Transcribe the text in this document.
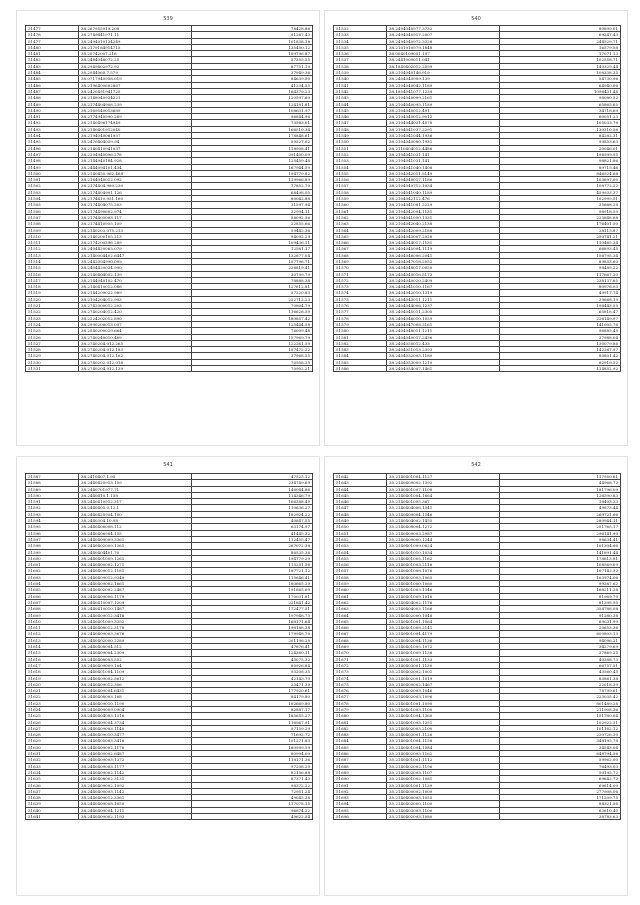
539
51477	38.267955919.208	78428.86
51478	38.2749441971.11	91267.43
51477	38.2494010134249	101838.18
51480	38.2179184914715	135450.12
51481	38.20742007.216	109796.87
51482	38.2484046072.25	57355.55
51483	38.2949402972.92	87751.19
51484	38.2044060.7.579	37949.36
51485	38.0717940958.019	84639.50
51486	38.2196400602867	41234.55
51487	38.2420491941725	164379.23
51488	38.2148040924221	120597.69
51489	38.2174404908.239	124181.81
51490	38.2169540013689	108631.97
51491	38.2774940990.269	96844.96
51492	38.2140496174949	73563.01
51493	38.2140401912040	166510.34
51494	38.2194040061957	178848.61
51495	38.2470404059.94	59527.62
51496	38.2140410941037	118908.41
51497	38.2204940096.278	291400.09
51498	38.2144940184.928	125459.48
51499	38.2444094101.434	167944.59
51500	38.2140450.962.468	194779.82
51501	38.2164040012.092	119966.89
51502	38.2174404.980.230	77852.70
51503	38.2174404901.126	68498.05
51504	38.2174410.951.160	80042.88
51505	38.2174404075.203	31597.94
51506	38.2174490602.974	32994.11
51507	38.2174405003.117	58092.56
51508	38.2174410955.109	22855.66
51509	38.2140203.075.213	59442.36
51510	38.2140200105.213	94092.29
51511	38.2174200396.289	109436.11
51512	38.2404420065.079	12581.17
51513	38.2140004402.6447	132877.04
51514	38.2442094990.099	157796.71
51515	38.2404420024.990	226819.41
51516	38.2140404052.139	30799.79
51517	38.2144040102.470	78888.38
51518	38.2140410012.086	127612.81
51519	38.2144209022.989	57220.83
51520	38.2104204012.903	222712.23
51521	38.2742000012.203	70804.79
51522	38.2740204012.420	116626.59
51523	38.2224202012.890	180857.42
51524	38.2990200013.007	125444.58
51525	38.2540200029.664	76009.48
51526	38.2740240010.489	157969.79
51527	38.2740204.012.265	122261.59
51528	38.2740204.012.183	157472.22
51529	38.2740204.012.162	37968.55
51530	38.2740202.012.018	70958.25
51531	38.2740204.012.139	70902.21
540
51532	38.2494040977.3732	80899.01
51533	38.2494040917.2007	69247.43
51534	38.2494040972.3328	244529.71
51535	38.2101910979.1848	16579.58
51536	38.0040109051.197	17071.13
51537	38.2441009011.041	102558.71
51538	38.1840402012.2099	140329.44
51539	38.2104040146.919	108338.35
51540	38.2404040909.139	54730.96
51541	38.2104040042.1189	64940.06
51542	38.1804041077.1239	1096431.48
51543	38.2104040009.2161	98080.52
51544	38.2104040095.1189	65865.65
51545	38.2104040012.491	34718.69
51546	38.2104040012.9012	60051.23
51547	38.2104044031.4578	105033.76
51548	38.2104041037.2291	130310.56
51549	38.2104041044.1936	84282.31
51550	38.2104040080.1931	99853.63
51551	38.2110404012.4486	20046.01
51552	38.2104041031.141	196999.95
51553	38.2104041031.141	98821.86
51554	38.2104041040.1408	89715.46
51555	38.2104042011.5149	846524.68
51556	38.2104040017.1186	103697.00
51557	38.2104040712.1034	108772.22
51558	38.2104041040.1189	459933.37
51559	38.2104042112.476	102999.51
51560	38.2104041081.2229	35668.28
51561	38.2104042004.1131	98918.59
51562	38.2104041050.1331	225848.88
51563	38.2104042040.2138	176401.50
51564	38.2404042009.2188	28115.87
51565	38.2404043007.2028	250741.21
51566	38.2404044017.1131	110465.34
51567	38.2404045004.1119	66893.45
51568	38.2404046006.2041	156795.34
51569	38.2404047018.2052	89853.60
51570	38.2404048017.0050	98489.22
51571	38.2404049016.5173	117667.20
51572	38.2404040020.2409	238137.65
51573	38.2404041010.1167	80976.93
51574	38.2404042010.1319	49917.74
51575	38.2404043011.1211	39668.19
51576	38.2404044006.1237	198443.55
51577	38.2404045011.2305	65818.47
51578	38.2404046010.1059	226149.97
51579	38.2404047008.3161	141005.76
51580	38.2404048011.1211	96885.45
51581	38.2404049017.2436	37988.04
51582	38.2404050012.433	130079.86
51583	38.2404051013.2393	142267.97
51584	38.2404052003.1180	80801.42
51585	38.2404053009.1210	82919.52
51586	38.2404054007.1461	114852.92
541
51587	38.2410407.1.95	47525.12
51588	38.2440420913.159	234749.69
51589	38.2440701977.71	146044.86
51590	38.2440410.1.158	114346.79
51591	38.2440410912.317	166388.49
51592	38.2440405.0.12.1	110636.27
51593	38.2440420904.100	182924.22
51594	38.2440304.10.08	40847.55
51595	38.2440406008.112	63174.97
51596	38.2440406904.155	41445.32
51597	38.2440409009.3361	112455.47
51598	38.2440402009.1361	267072.38
51599	38.2440404401.70	86535.38
51600	38.2440401009.1261	194779.29
51601	38.2440400002.1271	115251.56
51602	38.2440409012.1181	187721.12
51603	38.2440409012.9349	115646.41
51604	38.2440409002.1661	180665.29
51605	38.2440402002.2487	191665.69
51606	38.2440409006.1179	170031.81
51607	38.2440410007.1209	221841.42
51608	38.2440410010.1487	172477.51
51609	38.2440409012.3418	197948.75
51610	38.2440401009.3352	168171.64
51611	38.2440408012.3178	198188.38
51612	38.2440409003.3676	179948.70
51613	38.2440402000.2289	201196.28
51614	38.2440408004.512	47676.41
51615	38.2440409004.2309	124360.11
51616	38.2440408003.552	43075.32
51617	38.2440409009.164	80926.84
51618	38.2440401004.1109	93208.35
51619	38.2440409002.5612	42143.70
51620	38.2440409012.306	23471.30
51621	38.2440409004.6431	177920.61
51622	38.2440408003.168	84179.80
51623	38.2440409010.1190	182669.80
51624	38.2440409009.0904	82887.17
51625	38.2440404003.1316	185655.27
51626	38.2440409004.3734	116967.91
51627	38.2440409003.1140	97159.29
51628	38.2440409010.3477	71692.72
51629	38.2440405003.3416	101271.83
51630	38.2440409002.1176	180999.59
51631	38.2440400002.6487	80994.09
51632	38.2440409003.1372	118171.36
51633	38.2440409003.1177	97208.20
51634	38.2440409002.1142	82156.88
51635	38.2440408002.3131	87371.43
51636	38.2440409002.1092	98372.22
51637	38.2440400003.1142	72951.24
51638	38.2440409012.3361	49045.38
51639	38.2440409008.1650	117078.15
51640	38.2440409004.1211	96874.22
51641	38.2440409002.1193	49622.54
542
51642	35.2140401004.1127	117950.61
51643	35.2140409002.1392	44968.72
51644	35.2140401007.1108	181796.09
51645	35.2140401004.1664	126590.83
51646	35.2140401005.367	18403.23
51647	35.2140404006.1341	49873.44
51648	35.2140409004.1346	269721.66
51649	35.2140404002.1455	280944.11
51650	35.2140408004.1272	251765.17
51651	35.2140409003.2987	296141.99
51652	35.2140409000.1244	98634.41
51653	35.2140401009.0624	101304.66
51654	35.2140401010.1034	141891.44
51655	35.2140401005.1162	178813.81
51656	35.2140401003.2116	108569.09
51657	35.2140401008.1076	107142.32
51658	35.2140402003.1065	103974.06
51659	35.2140401000.1060	99267.62
51660	35.2140401003.1346	168211.28
51661	35.2140401009.1016	81969.70
51662	35.2140404002.1176	81398.95
51663	35.2140404003.1166	358788.08
51664	35.2140402000.1046	91280.38
51665	35.2140401001.1064	69031.99
51666	35.2140401008.2141	20653.36
51667	35.2140401004.4179	600803.13
51668	35.2140402004.1136	94096.21
51669	35.2140401005.1072	34279.69
51670	35.2140401009.1136	37869.25
51671	35.2140401001.1133	40388.73
51672	35.2140403001.1130	66757.51
51673	35.2140402002.1001	43560.45
51674	35.2140402001.1019	83861.38
51675	35.2140409002.1467	22018.39
51676	35.2140402003.1046	78799.61
51677	35.2140402003.1096	223035.42
51678	35.2140401001.1090	801489.28
51679	35.2140401003.1100	211908.36
51680	35.2140401004.1360	151780.04
51681	35.2140401003.1251	102922.31
51682	35.2140402003.2100	101162.12
51683	35.2140403001.1126	220726.30
51684	35.2140401004.1158	348195.78
51685	35.2140401004.1084	34543.04
51686	35.2140402003.1162	648794.56
51687	35.2140401001.1112	59962.00
51688	35.2140402002.1196	76493.03
51689	35.2140402003.1107	50195.72
51690	35.2140401002.1081	69642.72
51691	35.2140401001.1139	69614.00
51692	35.2140400002.1009	277908.06
51693	35.2140400003.1055	171209.75
51694	35.2140402000.1100	84321.56
51695	35.2140403003.1100	63610.40
51696	35.2140402003.1080	38783.63
